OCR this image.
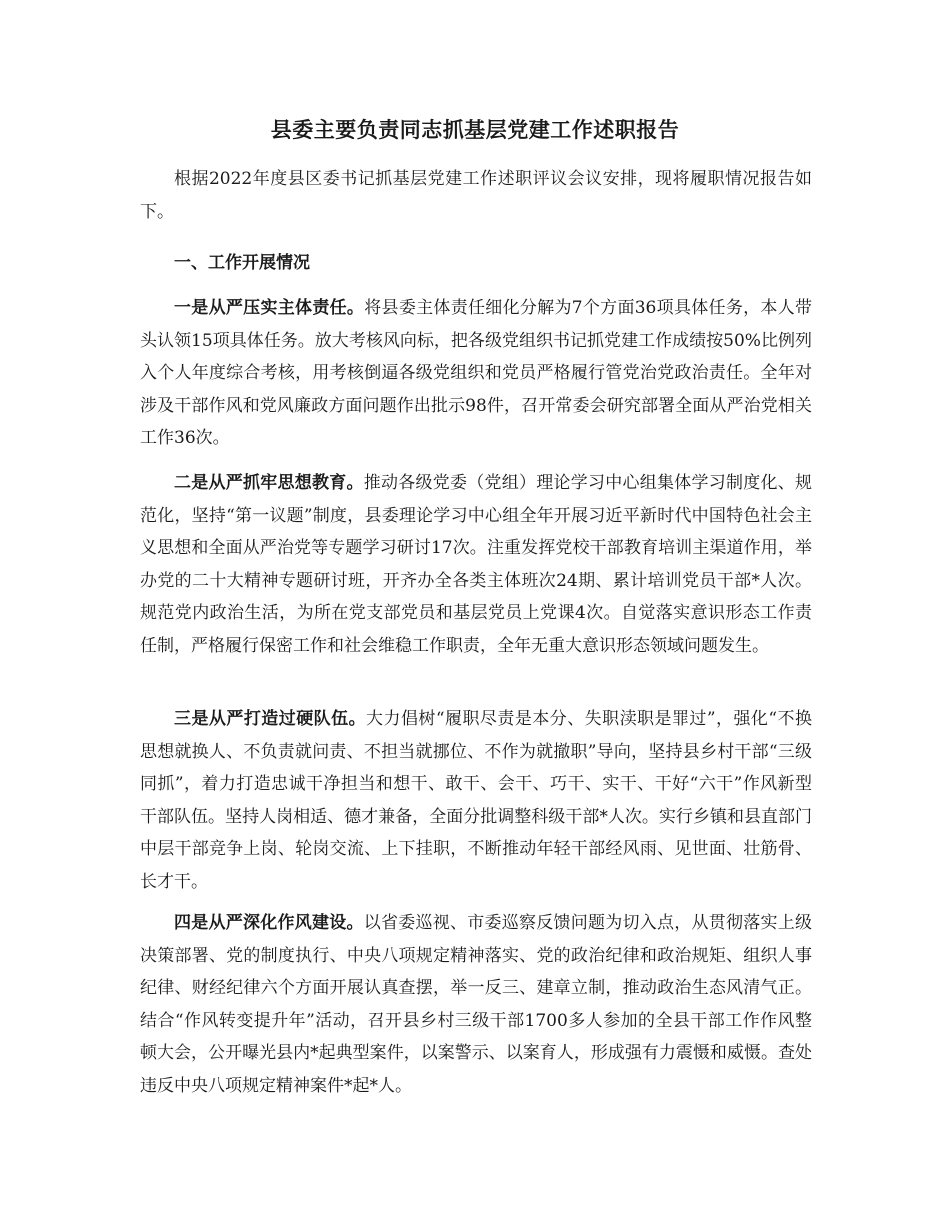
县委主要负责同志抓基层党建工作述职报告

根据2022年度县区委书记抓基层党建工作述职评议会议安排，现将履职情况报告如下。

一、工作开展情况

一是从严压实主体责任。将县委主体责任细化分解为7个方面36项具体任务，本人带头认领15项具体任务。放大考核风向标，把各级党组织书记抓党建工作成绩按50%比例列入个人年度综合考核，用考核倒逼各级党组织和党员严格履行管党治党政治责任。全年对涉及干部作风和党风廉政方面问题作出批示98件，召开常委会研究部署全面从严治党相关工作36次。

二是从严抓牢思想教育。推动各级党委（党组）理论学习中心组集体学习制度化、规范化，坚持“第一议题”制度，县委理论学习中心组全年开展习近平新时代中国特色社会主义思想和全面从严治党等专题学习研讨17次。注重发挥党校干部教育培训主渠道作用，举办党的二十大精神专题研讨班，开齐办全各类主体班次24期、累计培训党员干部*人次。规范党内政治生活，为所在党支部党员和基层党员上党课4次。自觉落实意识形态工作责任制，严格履行保密工作和社会维稳工作职责，全年无重大意识形态领域问题发生。

三是从严打造过硬队伍。大力倡树“履职尽责是本分、失职渎职是罪过”，强化“不换思想就换人、不负责就问责、不担当就挪位、不作为就撤职”导向，坚持县乡村干部“三级同抓”，着力打造忠诚干净担当和想干、敢干、会干、巧干、实干、干好“六干”作风新型干部队伍。坚持人岗相适、德才兼备，全面分批调整科级干部*人次。实行乡镇和县直部门中层干部竞争上岗、轮岗交流、上下挂职，不断推动年轻干部经风雨、见世面、壮筋骨、长才干。

四是从严深化作风建设。以省委巡视、市委巡察反馈问题为切入点，从贯彻落实上级决策部署、党的制度执行、中央八项规定精神落实、党的政治纪律和政治规矩、组织人事纪律、财经纪律六个方面开展认真查摆，举一反三、建章立制，推动政治生态风清气正。结合“作风转变提升年”活动，召开县乡村三级干部1700多人参加的全县干部工作作风整顿大会，公开曝光县内*起典型案件，以案警示、以案育人，形成强有力震慑和威慑。查处违反中央八项规定精神案件*起*人。
